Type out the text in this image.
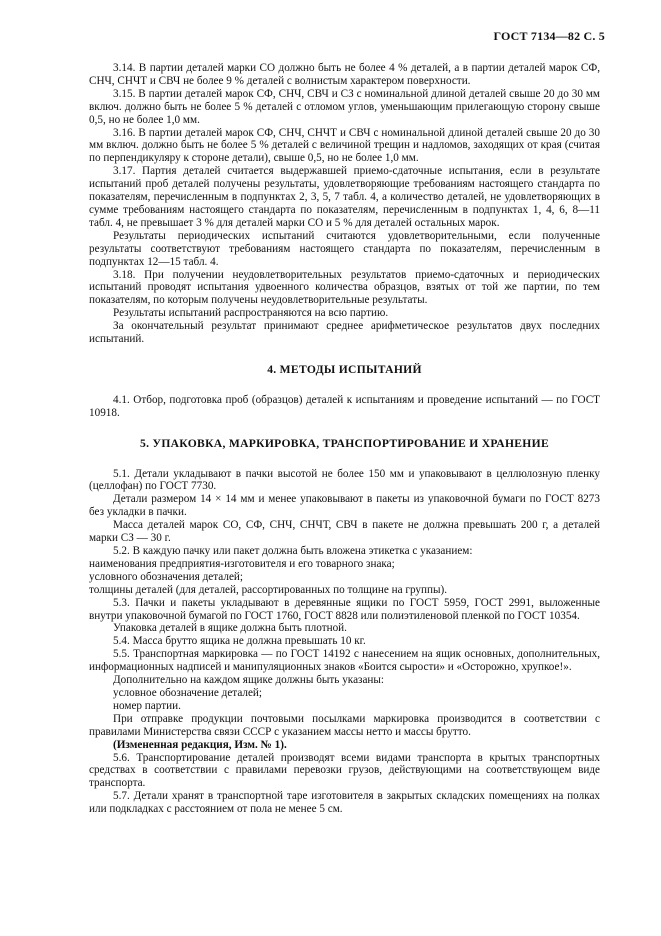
ГОСТ 7134—82 С. 5

3.14. В партии деталей марки СО должно быть не более 4 % деталей, а в партии деталей марок СФ, СНЧ, СНЧТ и СВЧ не более 9 % деталей с волнистым характером поверхности.

3.15. В партии деталей марок СФ, СНЧ, СВЧ и СЗ с номинальной длиной деталей свыше 20 до 30 мм включ. должно быть не более 5 % деталей с отломом углов, уменьшающим прилегающую сторону свыше 0,5, но не более 1,0 мм.

3.16. В партии деталей марок СФ, СНЧ, СНЧТ и СВЧ с номинальной длиной деталей свыше 20 до 30 мм включ. должно быть не более 5 % деталей с величиной трещин и надломов, заходящих от края (считая по перпендикуляру к стороне детали), свыше 0,5, но не более 1,0 мм.

3.17. Партия деталей считается выдержавшей приемо-сдаточные испытания, если в результате испытаний проб деталей получены результаты, удовлетворяющие требованиям настоящего стандарта по показателям, перечисленным в подпунктах 2, 3, 5, 7 табл. 4, а количество деталей, не удовлетворяющих в сумме требованиям настоящего стандарта по показателям, перечисленным в подпунктах 1, 4, 6, 8—11 табл. 4, не превышает 3 % для деталей марки СО и 5 % для деталей остальных марок.

Результаты периодических испытаний считаются удовлетворительными, если полученные результаты соответствуют требованиям настоящего стандарта по показателям, перечисленным в подпунктах 12—15 табл. 4.

3.18. При получении неудовлетворительных результатов приемо-сдаточных и периодических испытаний проводят испытания удвоенного количества образцов, взятых от той же партии, по тем показателям, по которым получены неудовлетворительные результаты.

Результаты испытаний распространяются на всю партию.

За окончательный результат принимают среднее арифметическое результатов двух последних испытаний.

4. МЕТОДЫ ИСПЫТАНИЙ

4.1. Отбор, подготовка проб (образцов) деталей к испытаниям и проведение испытаний — по ГОСТ 10918.

5. УПАКОВКА, МАРКИРОВКА, ТРАНСПОРТИРОВАНИЕ И ХРАНЕНИЕ

5.1. Детали укладывают в пачки высотой не более 150 мм и упаковывают в целлюлозную пленку (целлофан) по ГОСТ 7730.

Детали размером 14 × 14 мм и менее упаковывают в пакеты из упаковочной бумаги по ГОСТ 8273 без укладки в пачки.

Масса деталей марок СО, СФ, СНЧ, СНЧТ, СВЧ в пакете не должна превышать 200 г, а деталей марки СЗ — 30 г.

5.2. В каждую пачку или пакет должна быть вложена этикетка с указанием:

наименования предприятия-изготовителя и его товарного знака;

условного обозначения деталей;

толщины деталей (для деталей, рассортированных по толщине на группы).

5.3. Пачки и пакеты укладывают в деревянные ящики по ГОСТ 5959, ГОСТ 2991, выложенные внутри упаковочной бумагой по ГОСТ 1760, ГОСТ 8828 или полиэтиленовой пленкой по ГОСТ 10354.

Упаковка деталей в ящике должна быть плотной.

5.4. Масса брутто ящика не должна превышать 10 кг.

5.5. Транспортная маркировка — по ГОСТ 14192 с нанесением на ящик основных, дополнительных, информационных надписей и манипуляционных знаков «Боится сырости» и «Осторожно, хрупкое!».

Дополнительно на каждом ящике должны быть указаны:

условное обозначение деталей;

номер партии.

При отправке продукции почтовыми посылками маркировка производится в соответствии с правилами Министерства связи СССР с указанием массы нетто и массы брутто.

(Измененная редакция, Изм. № 1).

5.6. Транспортирование деталей производят всеми видами транспорта в крытых транспортных средствах в соответствии с правилами перевозки грузов, действующими на соответствующем виде транспорта.

5.7. Детали хранят в транспортной таре изготовителя в закрытых складских помещениях на полках или подкладках с расстоянием от пола не менее 5 см.
